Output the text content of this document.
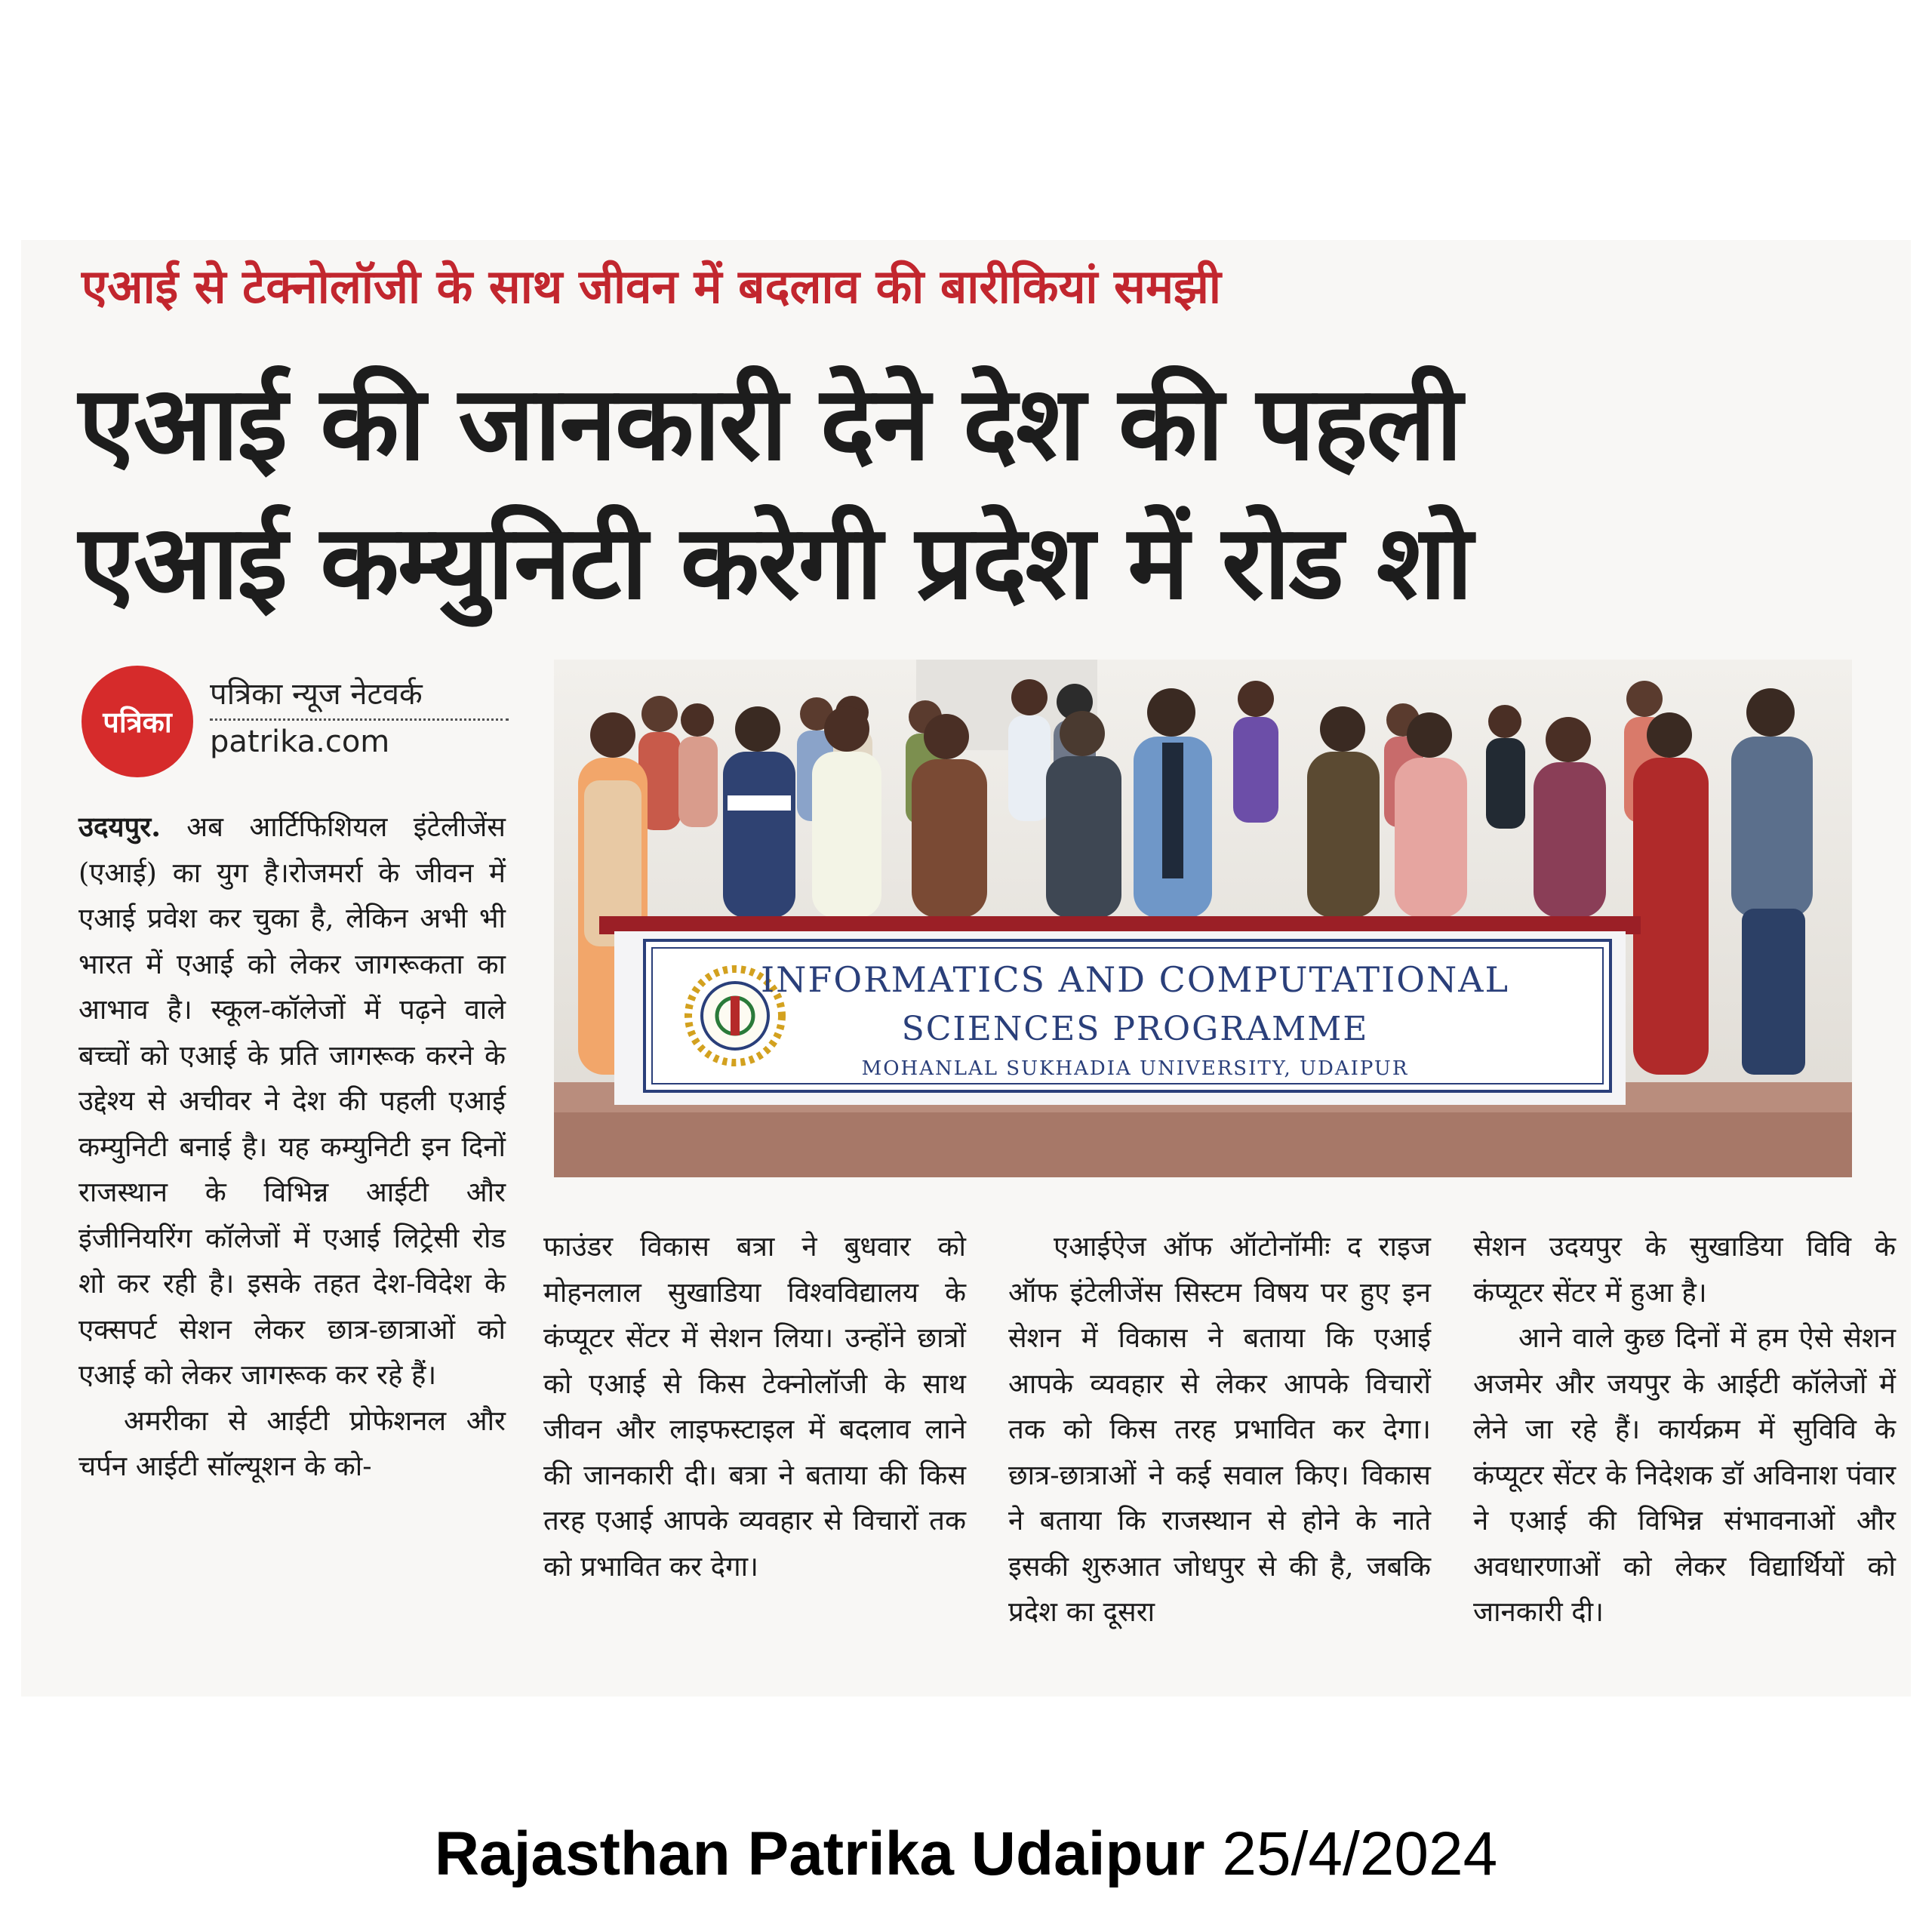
एआई से टेक्नोलॉजी के साथ जीवन में बदलाव की बारीकियां समझी
एआई की जानकारी देने देश की पहली
एआई कम्युनिटी करेगी प्रदेश में रोड शो
पत्रिका
पत्रिका न्यूज नेटवर्क
patrika.com
INFORMATICS AND COMPUTATIONAL
SCIENCES PROGRAMME
MOHANLAL SUKHADIA UNIVERSITY, UDAIPUR

उदयपुर. अब आर्टिफिशियल इंटेलीजेंस (एआई) का युग है।रोजमर्रा के जीवन में एआई प्रवेश कर चुका है, लेकिन अभी भी भारत में एआई को लेकर जागरूकता का आभाव है। स्कूल-कॉलेजों में पढ़ने वाले बच्चों को एआई के प्रति जागरूक करने के उद्देश्य से अचीवर ने देश की पहली एआई कम्युनिटी बनाई है। यह कम्युनिटी इन दिनों राजस्थान के विभिन्न आईटी और इंजीनियरिंग कॉलेजों में एआई लिट्रेसी रोड शो कर रही है। इसके तहत देश-विदेश के एक्सपर्ट सेशन लेकर छात्र-छात्राओं को एआई को लेकर जागरूक कर रहे हैं।

अमरीका से आईटी प्रोफेशनल और चर्पन आईटी सॉल्यूशन के को-

फाउंडर विकास बत्रा ने बुधवार को मोहनलाल सुखाडिया विश्वविद्यालय के कंप्यूटर सेंटर में सेशन लिया। उन्होंने छात्रों को एआई से किस टेक्नोलॉजी के साथ जीवन और लाइफस्टाइल में बदलाव लाने की जानकारी दी। बत्रा ने बताया की किस तरह एआई आपके व्यवहार से विचारों तक को प्रभावित कर देगा।

एआईऐज ऑफ ऑटोनॉमीः द राइज ऑफ इंटेलीजेंस सिस्टम विषय पर हुए इन सेशन में विकास ने बताया कि एआई आपके व्यवहार से लेकर आपके विचारों तक को किस तरह प्रभावित कर देगा। छात्र-छात्राओं ने कई सवाल किए। विकास ने बताया कि राजस्थान से होने के नाते इसकी शुरुआत जोधपुर से की है, जबकि प्रदेश का दूसरा

सेशन उदयपुर के सुखाडिया विवि के कंप्यूटर सेंटर में हुआ है।

आने वाले कुछ दिनों में हम ऐसे सेशन अजमेर और जयपुर के आईटी कॉलेजों में लेने जा रहे हैं। कार्यक्रम में सुविवि के कंप्यूटर सेंटर के निदेशक डॉ अविनाश पंवार ने एआई की विभिन्न संभावनाओं और अवधारणाओं को लेकर विद्यार्थियों को जानकारी दी।

Rajasthan Patrika Udaipur 25/4/2024
